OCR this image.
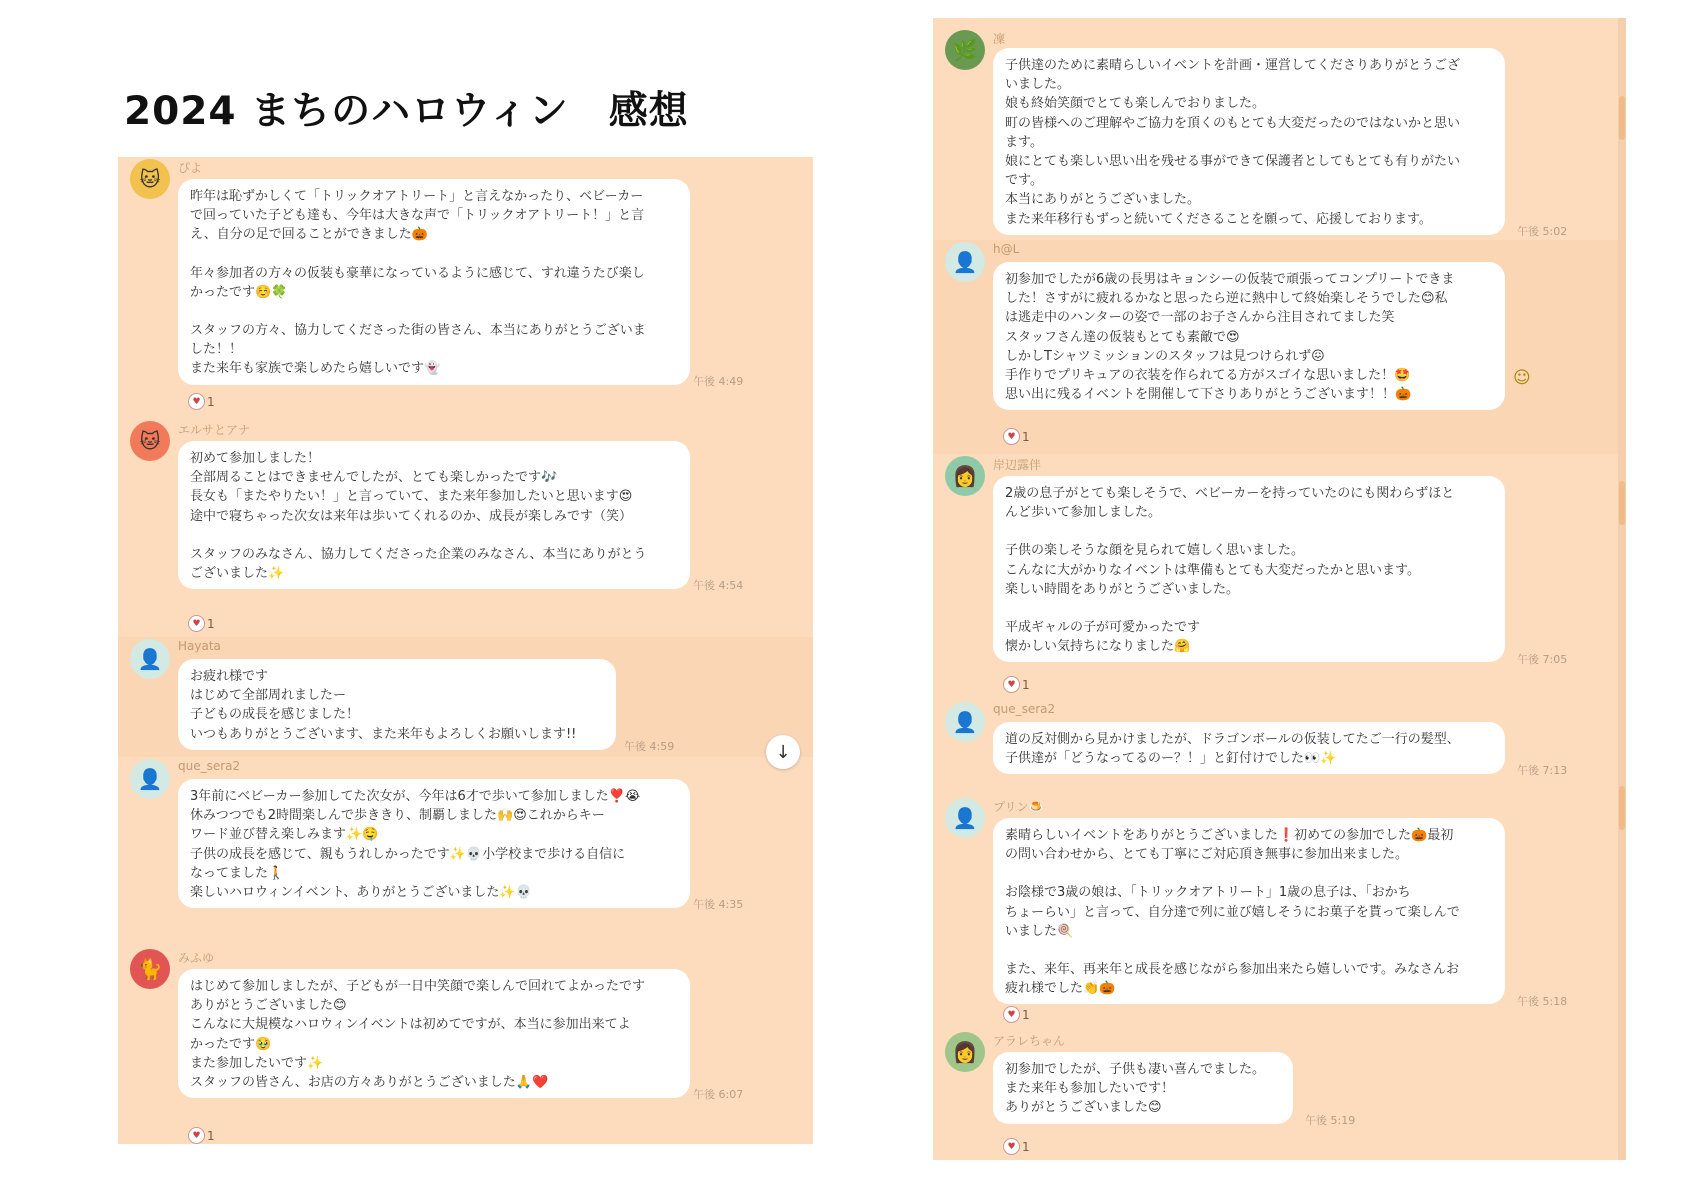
2024 まちのハロウィン　感想
🐈	みふゆ
はじめて参加しましたが、子どもが一日中笑顔で楽しんで回れてよかったです
ありがとうございました😊
こんなに大規模なハロウィンイベントは初めてですが、本当に参加出来てよ
かったです🥹
また参加したいです✨
スタッフの皆さん、お店の方々ありがとうございました🙏❤️
午後 6:07
♥ 1
👤
que_sera2
3年前にベビーカー参加してた次女が、今年は6才で歩いて参加しました❣️😭
休みつつでも2時間楽しんで歩ききり、制覇しました🙌😍これからキー
ワード並び替え楽しみます✨🤤
子供の成長を感じて、親もうれしかったです✨💀小学校まで歩ける自信に
なってました🚶
楽しいハロウィンイベント、ありがとうございました✨💀
午後 4:35
👤
Hayata
お疲れ様です
はじめて全部周れましたー
子どもの成長を感じました！
いつもありがとうございます、また来年もよろしくお願いします!!
午後 4:59
🐱	エルサとアナ
初めて参加しました！
全部周ることはできませんでしたが、とても楽しかったです🎶
長女も「またやりたい！」と言っていて、また来年参加したいと思います😍
途中で寝ちゃった次女は来年は歩いてくれるのか、成長が楽しみです（笑）
スタッフのみなさん、協力してくださった企業のみなさん、本当にありがとう
ございました✨
午後 4:54
♥ 1
🐱	ぴよ
昨年は恥ずかしくて「トリックオアトリート」と言えなかったり、ベビーカー
で回っていた子ども達も、今年は大きな声で「トリックオアトリート！」と言
え、自分の足で回ることができました🎃
年々参加者の方々の仮装も豪華になっているように感じて、すれ違うたび楽し
かったです☺️🍀
スタッフの方々、協力してくださった街の皆さん、本当にありがとうございま
した！！
また来年も家族で楽しめたら嬉しいです👻
午後 4:49
♥ 1
↓
👩	アラレちゃん
初参加でしたが、子供も凄い喜んでました。
また来年も参加したいです！
ありがとうございました😊
午後 5:19
♥ 1
👤	プリン🍮
素晴らしいイベントをありがとうございました❗️初めての参加でした🎃最初
の問い合わせから、とても丁寧にご対応頂き無事に参加出来ました。
お陰様で3歳の娘は、「トリックオアトリート」1歳の息子は、「おかち
ちょーらい」と言って、自分達で列に並び嬉しそうにお菓子を貰って楽しんで
いました🍭
また、来年、再来年と成長を感じながら参加出来たら嬉しいです。みなさんお
疲れ様でした👏🎃
午後 5:18
♥ 1
👤
que_sera2
道の反対側から見かけましたが、ドラゴンボールの仮装してたご一行の髪型、
子供達が「どうなってるのー？！」と釘付けでした👀✨
午後 7:13
👩	岸辺露伴
2歳の息子がとても楽しそうで、ベビーカーを持っていたのにも関わらずほと
んど歩いて参加しました。
子供の楽しそうな顔を見られて嬉しく思いました。
こんなに大がかりなイベントは準備もとても大変だったかと思います。
楽しい時間をありがとうございました。
平成ギャルの子が可愛かったです
懐かしい気持ちになりました🤗
午後 7:05
♥ 1
👤
h@L
初参加でしたが6歳の長男はキョンシーの仮装で頑張ってコンプリートできま
した！さすがに疲れるかなと思ったら逆に熱中して終始楽しそうでした😊私
は逃走中のハンターの姿で一部のお子さんから注目されてました笑
スタッフさん達の仮装もとても素敵で😍
しかしTシャツミッションのスタッフは見つけられず😖
手作りでプリキュアの衣装を作られてる方がスゴイな思いました！🤩
思い出に残るイベントを開催して下さりありがとうございます！！🎃
☺
♥ 1
🌿	凜
子供達のために素晴らしいイベントを計画・運営してくださりありがとうござ
いました。
娘も終始笑顔でとても楽しんでおりました。
町の皆様へのご理解やご協力を頂くのもとても大変だったのではないかと思い
ます。
娘にとても楽しい思い出を残せる事ができて保護者としてもとても有りがたい
です。
本当にありがとうございました。
また来年移行もずっと続いてくださることを願って、応援しております。
午後 5:02
